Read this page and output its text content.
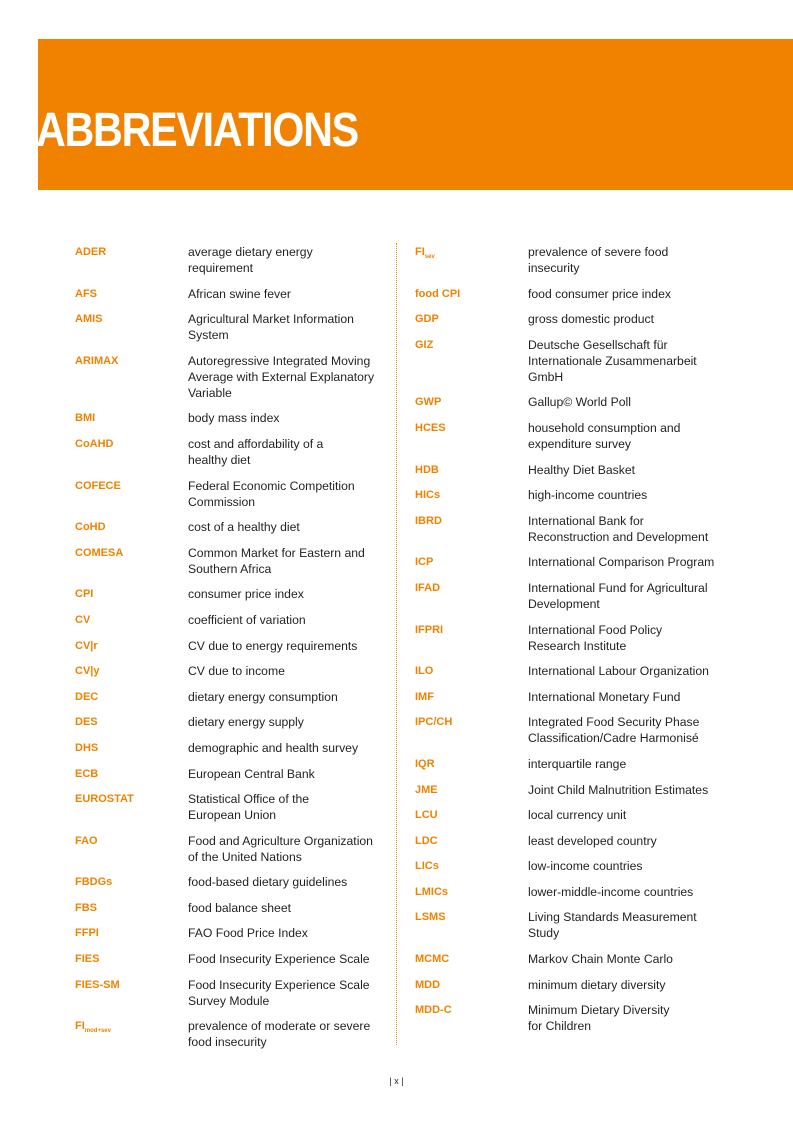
ABBREVIATIONS
ADER	average dietary energy
requirement
AFS	African swine fever
AMIS	Agricultural Market Information
System
ARIMAX	Autoregressive Integrated Moving
Average with External Explanatory
Variable
BMI	body mass index
CoAHD	cost and affordability of a
healthy diet
COFECE	Federal Economic Competition
Commission
CoHD	cost of a healthy diet
COMESA	Common Market for Eastern and
Southern Africa
CPI	consumer price index
CV	coefficient of variation
CV|r	CV due to energy requirements
CV|y	CV due to income
DEC	dietary energy consumption
DES	dietary energy supply
DHS	demographic and health survey
ECB	European Central Bank
EUROSTAT	Statistical Office of the
European Union
FAO	Food and Agriculture Organization
of the United Nations
FBDGs	food-based dietary guidelines
FBS	food balance sheet
FFPI	FAO Food Price Index
FIES	Food Insecurity Experience Scale
FIES-SM	Food Insecurity Experience Scale
Survey Module
$FI_{mod+sev}$	prevalence of moderate or severe
food insecurity
$FI_{sev}$	prevalence of severe food
insecurity
food CPI	food consumer price index
GDP	gross domestic product
GIZ	Deutsche Gesellschaft für
Internationale Zusammenarbeit
GmbH
GWP	Gallup© World Poll
HCES	household consumption and
expenditure survey
HDB	Healthy Diet Basket
HICs	high-income countries
IBRD	International Bank for
Reconstruction and Development
ICP	International Comparison Program
IFAD	International Fund for Agricultural
Development
IFPRI	International Food Policy
Research Institute
ILO	International Labour Organization
IMF	International Monetary Fund
IPC/CH	Integrated Food Security Phase
Classification/Cadre Harmonisé
IQR	interquartile range
JME	Joint Child Malnutrition Estimates
LCU	local currency unit
LDC	least developed country
LICs	low-income countries
LMICs	lower-middle-income countries
LSMS	Living Standards Measurement
Study
MCMC	Markov Chain Monte Carlo
MDD	minimum dietary diversity
MDD-C	Minimum Dietary Diversity
for Children
| x |
